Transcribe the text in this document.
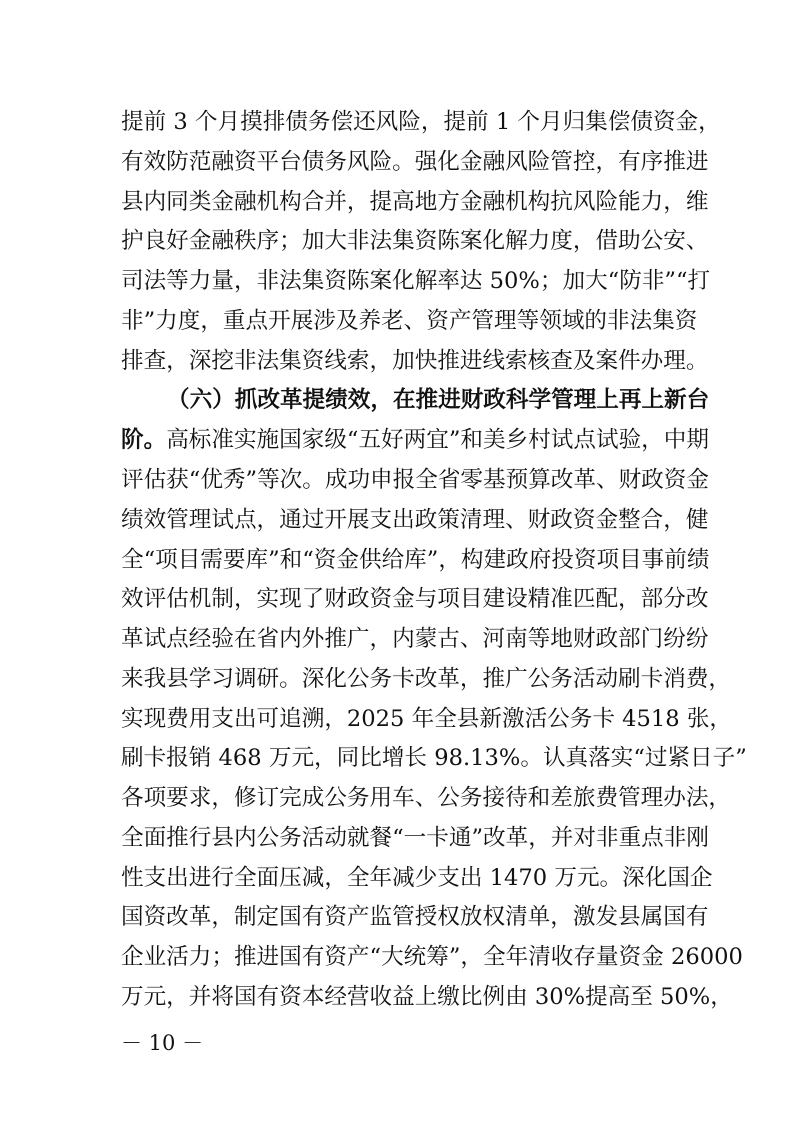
提前 3 个月摸排债务偿还风险，提前 1 个月归集偿债资金，
有效防范融资平台债务风险。强化金融风险管控，有序推进
县内同类金融机构合并，提高地方金融机构抗风险能力，维
护良好金融秩序；加大非法集资陈案化解力度，借助公安、
司法等力量，非法集资陈案化解率达 50%；加大“防非”“打
非”力度，重点开展涉及养老、资产管理等领域的非法集资
排查，深挖非法集资线索，加快推进线索核查及案件办理。
（六）抓改革提绩效，在推进财政科学管理上再上新台
阶。高标准实施国家级“五好两宜”和美乡村试点试验，中期
评估获“优秀”等次。成功申报全省零基预算改革、财政资金
绩效管理试点，通过开展支出政策清理、财政资金整合，健
全“项目需要库”和“资金供给库”，构建政府投资项目事前绩
效评估机制，实现了财政资金与项目建设精准匹配，部分改
革试点经验在省内外推广，内蒙古、河南等地财政部门纷纷
来我县学习调研。深化公务卡改革，推广公务活动刷卡消费，
实现费用支出可追溯，2025 年全县新激活公务卡 4518 张，
刷卡报销 468 万元，同比增长 98.13%。认真落实“过紧日子”
各项要求，修订完成公务用车、公务接待和差旅费管理办法，
全面推行县内公务活动就餐“一卡通”改革，并对非重点非刚
性支出进行全面压减，全年减少支出 1470 万元。深化国企
国资改革，制定国有资产监管授权放权清单，激发县属国有
企业活力；推进国有资产“大统筹”，全年清收存量资金 26000
万元，并将国有资本经营收益上缴比例由 30%提高至 50%，
－ 10 －
